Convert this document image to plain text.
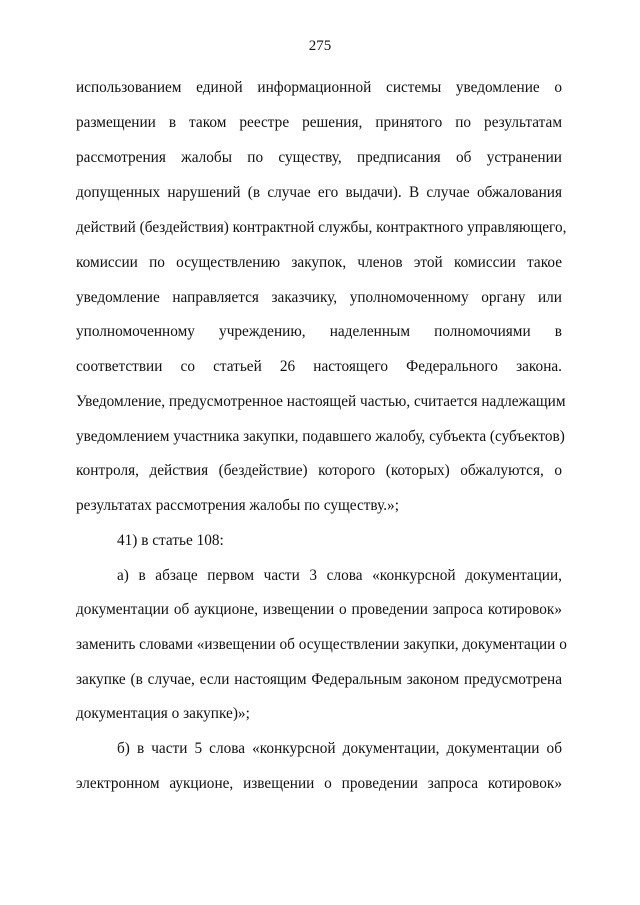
275
использованием единой информационной системы уведомление о
размещении в таком реестре решения, принятого по результатам
рассмотрения жалобы по существу, предписания об устранении
допущенных нарушений (в случае его выдачи). В случае обжалования
действий (бездействия) контрактной службы, контрактного управляющего,
комиссии по осуществлению закупок, членов этой комиссии такое
уведомление направляется заказчику, уполномоченному органу или
уполномоченному учреждению, наделенным полномочиями в
соответствии со статьей 26 настоящего Федерального закона.
Уведомление, предусмотренное настоящей частью, считается надлежащим
уведомлением участника закупки, подавшего жалобу, субъекта (субъектов)
контроля, действия (бездействие) которого (которых) обжалуются, о
результатах рассмотрения жалобы по существу.»;
41) в статье 108:
а) в абзаце первом части 3 слова «конкурсной документации,
документации об аукционе, извещении о проведении запроса котировок»
заменить словами «извещении об осуществлении закупки, документации о
закупке (в случае, если настоящим Федеральным законом предусмотрена
документация о закупке)»;
б) в части 5 слова «конкурсной документации, документации об
электронном аукционе, извещении о проведении запроса котировок»
